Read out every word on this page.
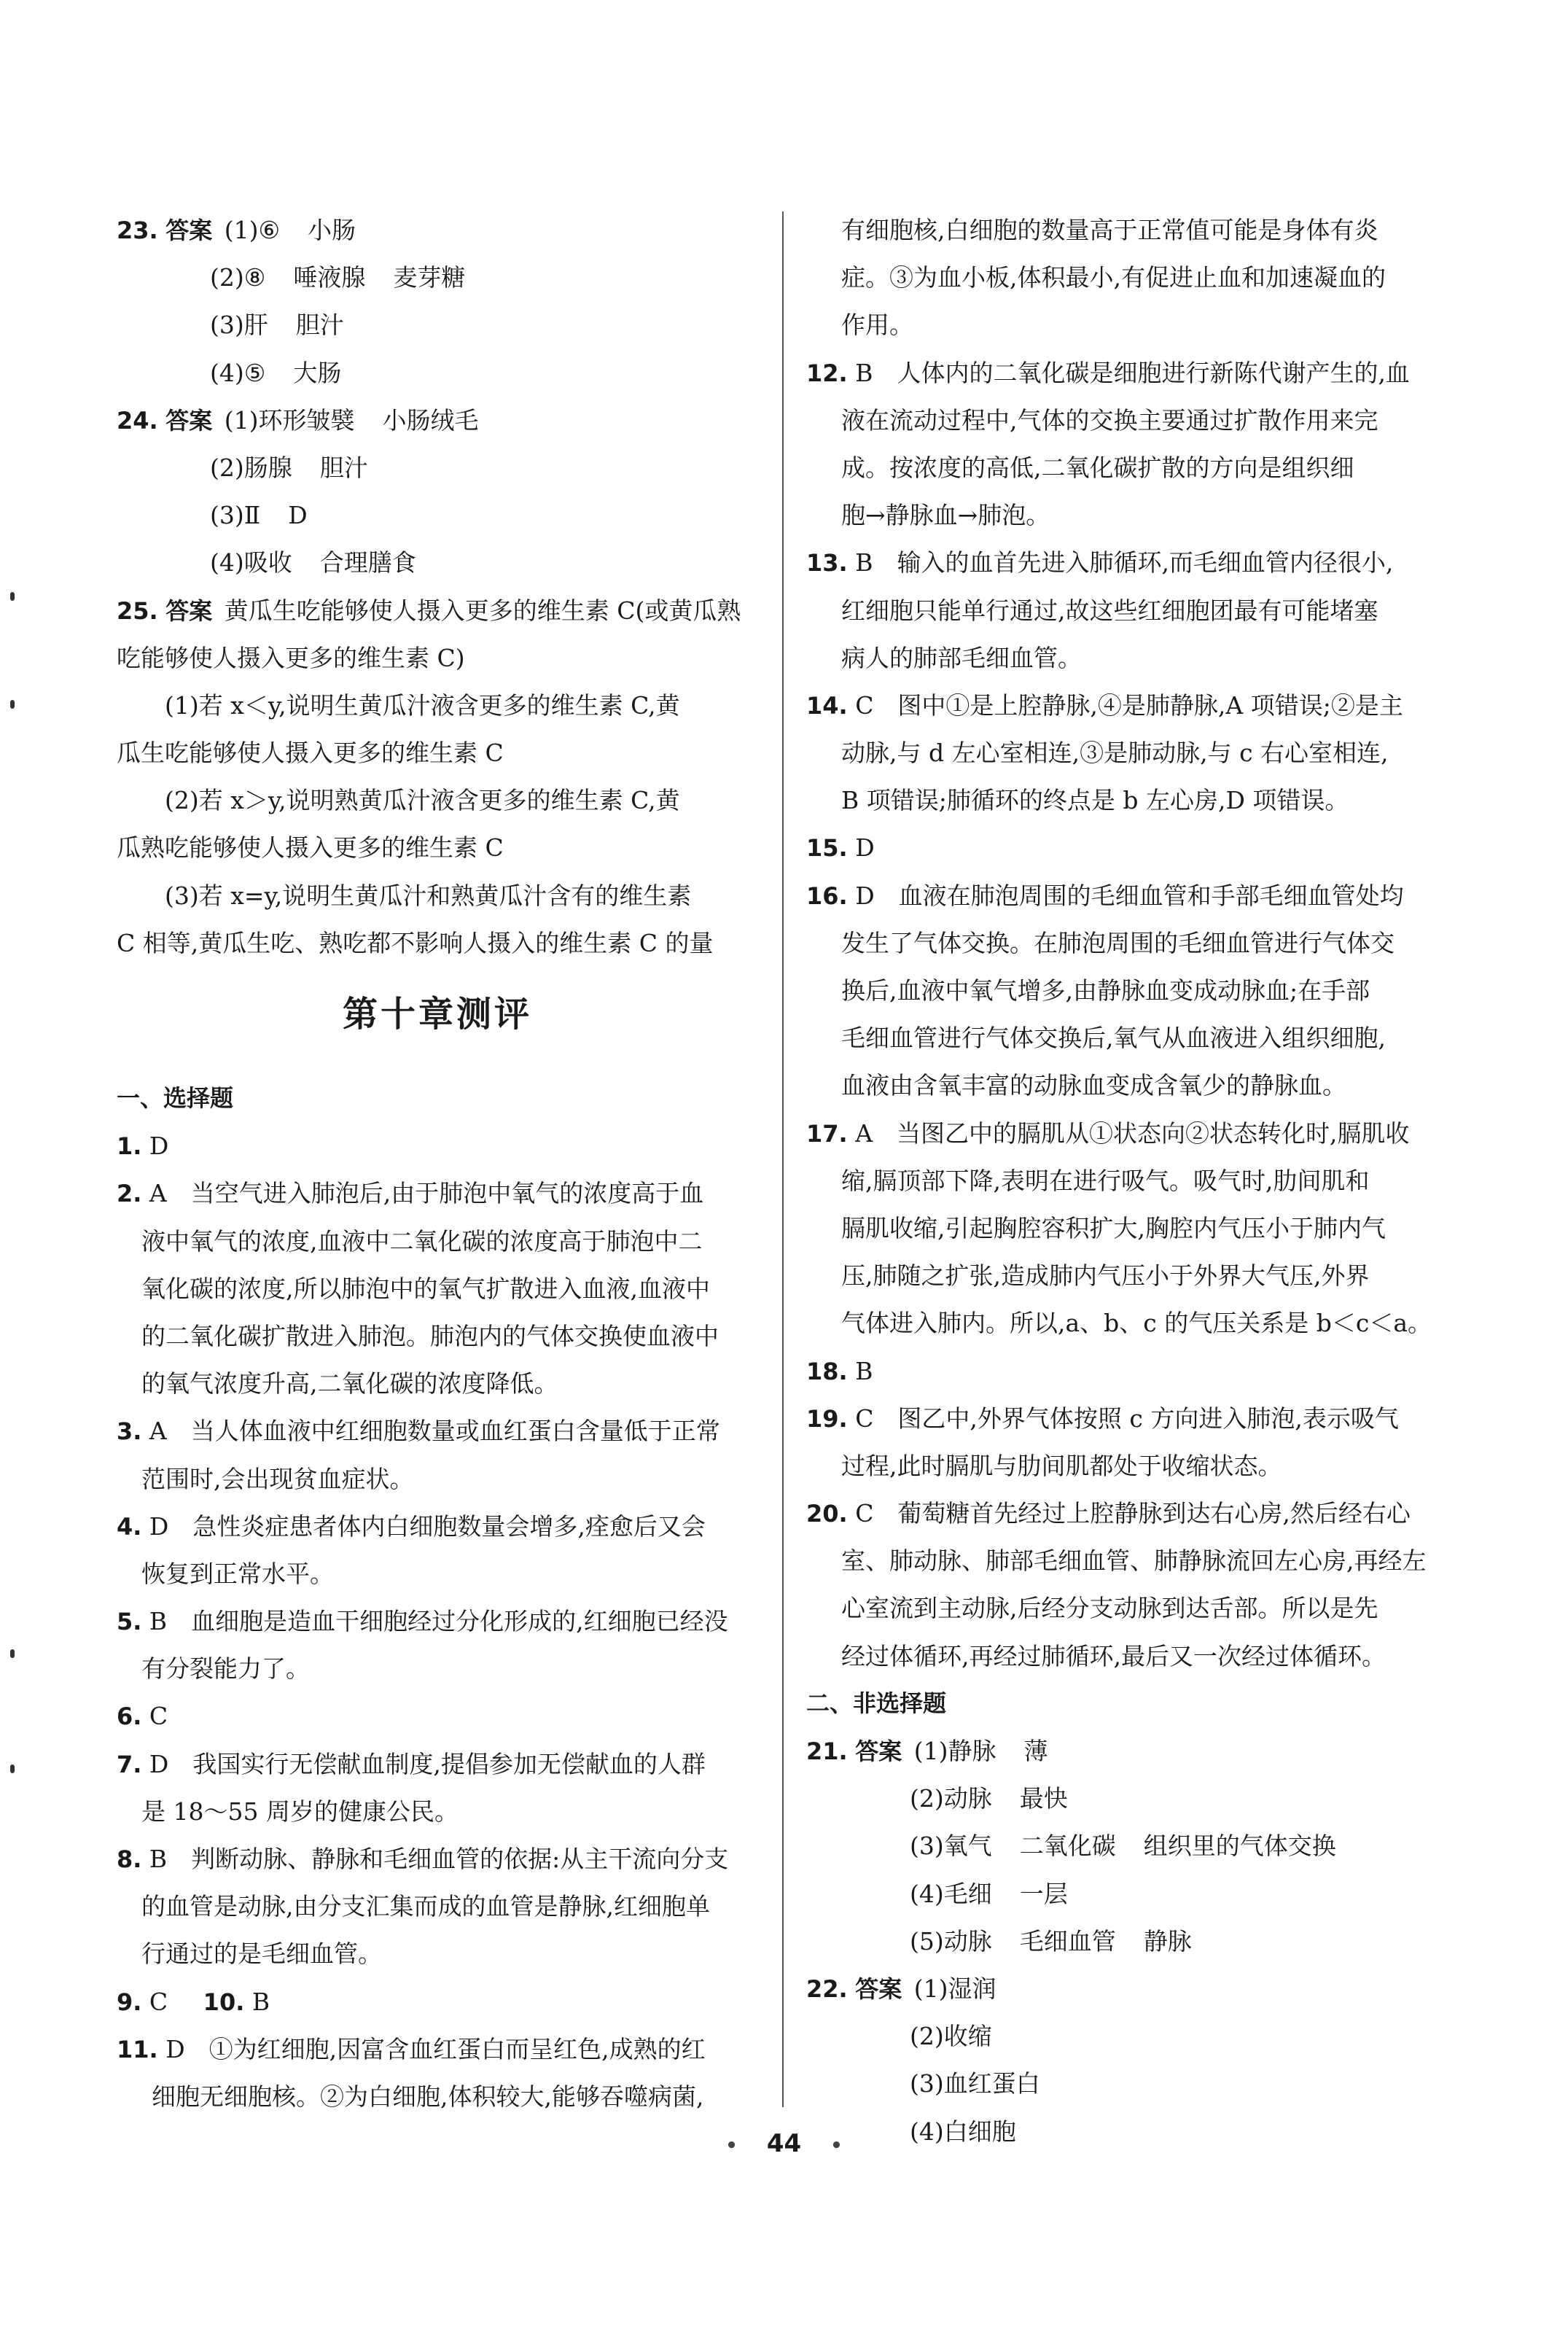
23. 答案 (1)⑥ 小肠
(2)⑧ 唾液腺 麦芽糖
(3)肝 胆汁
(4)⑤ 大肠
24. 答案 (1)环形皱襞 小肠绒毛
(2)肠腺 胆汁
(3)Ⅱ D
(4)吸收 合理膳食
25. 答案 黄瓜生吃能够使人摄入更多的维生素 C(或黄瓜熟
吃能够使人摄入更多的维生素 C)
(1)若 x＜y,说明生黄瓜汁液含更多的维生素 C,黄
瓜生吃能够使人摄入更多的维生素 C
(2)若 x＞y,说明熟黄瓜汁液含更多的维生素 C,黄
瓜熟吃能够使人摄入更多的维生素 C
(3)若 x=y,说明生黄瓜汁和熟黄瓜汁含有的维生素
C 相等,黄瓜生吃、熟吃都不影响人摄入的维生素 C 的量
第十章测评
一、选择题
1. D
2. A　当空气进入肺泡后,由于肺泡中氧气的浓度高于血
液中氧气的浓度,血液中二氧化碳的浓度高于肺泡中二
氧化碳的浓度,所以肺泡中的氧气扩散进入血液,血液中
的二氧化碳扩散进入肺泡。肺泡内的气体交换使血液中
的氧气浓度升高,二氧化碳的浓度降低。
3. A　当人体血液中红细胞数量或血红蛋白含量低于正常
范围时,会出现贫血症状。
4. D　急性炎症患者体内白细胞数量会增多,痊愈后又会
恢复到正常水平。
5. B　血细胞是造血干细胞经过分化形成的,红细胞已经没
有分裂能力了。
6. C
7. D　我国实行无偿献血制度,提倡参加无偿献血的人群
是 18～55 周岁的健康公民。
8. B　判断动脉、静脉和毛细血管的依据:从主干流向分支
的血管是动脉,由分支汇集而成的血管是静脉,红细胞单
行通过的是毛细血管。
9. C 10. B
11. D　①为红细胞,因富含血红蛋白而呈红色,成熟的红
细胞无细胞核。②为白细胞,体积较大,能够吞噬病菌,
有细胞核,白细胞的数量高于正常值可能是身体有炎
症。③为血小板,体积最小,有促进止血和加速凝血的
作用。
12. B　人体内的二氧化碳是细胞进行新陈代谢产生的,血
液在流动过程中,气体的交换主要通过扩散作用来完
成。按浓度的高低,二氧化碳扩散的方向是组织细
胞→静脉血→肺泡。
13. B　输入的血首先进入肺循环,而毛细血管内径很小,
红细胞只能单行通过,故这些红细胞团最有可能堵塞
病人的肺部毛细血管。
14. C　图中①是上腔静脉,④是肺静脉,A 项错误;②是主
动脉,与 d 左心室相连,③是肺动脉,与 c 右心室相连,
B 项错误;肺循环的终点是 b 左心房,D 项错误。
15. D
16. D　血液在肺泡周围的毛细血管和手部毛细血管处均
发生了气体交换。在肺泡周围的毛细血管进行气体交
换后,血液中氧气增多,由静脉血变成动脉血;在手部
毛细血管进行气体交换后,氧气从血液进入组织细胞,
血液由含氧丰富的动脉血变成含氧少的静脉血。
17. A　当图乙中的膈肌从①状态向②状态转化时,膈肌收
缩,膈顶部下降,表明在进行吸气。吸气时,肋间肌和
膈肌收缩,引起胸腔容积扩大,胸腔内气压小于肺内气
压,肺随之扩张,造成肺内气压小于外界大气压,外界
气体进入肺内。所以,a、b、c 的气压关系是 b＜c＜a。
18. B
19. C　图乙中,外界气体按照 c 方向进入肺泡,表示吸气
过程,此时膈肌与肋间肌都处于收缩状态。
20. C　葡萄糖首先经过上腔静脉到达右心房,然后经右心
室、肺动脉、肺部毛细血管、肺静脉流回左心房,再经左
心室流到主动脉,后经分支动脉到达舌部。所以是先
经过体循环,再经过肺循环,最后又一次经过体循环。
二、非选择题
21. 答案 (1)静脉 薄
(2)动脉 最快
(3)氧气 二氧化碳 组织里的气体交换
(4)毛细 一层
(5)动脉 毛细血管 静脉
22. 答案 (1)湿润
(2)收缩
(3)血红蛋白
(4)白细胞
• 44 •
